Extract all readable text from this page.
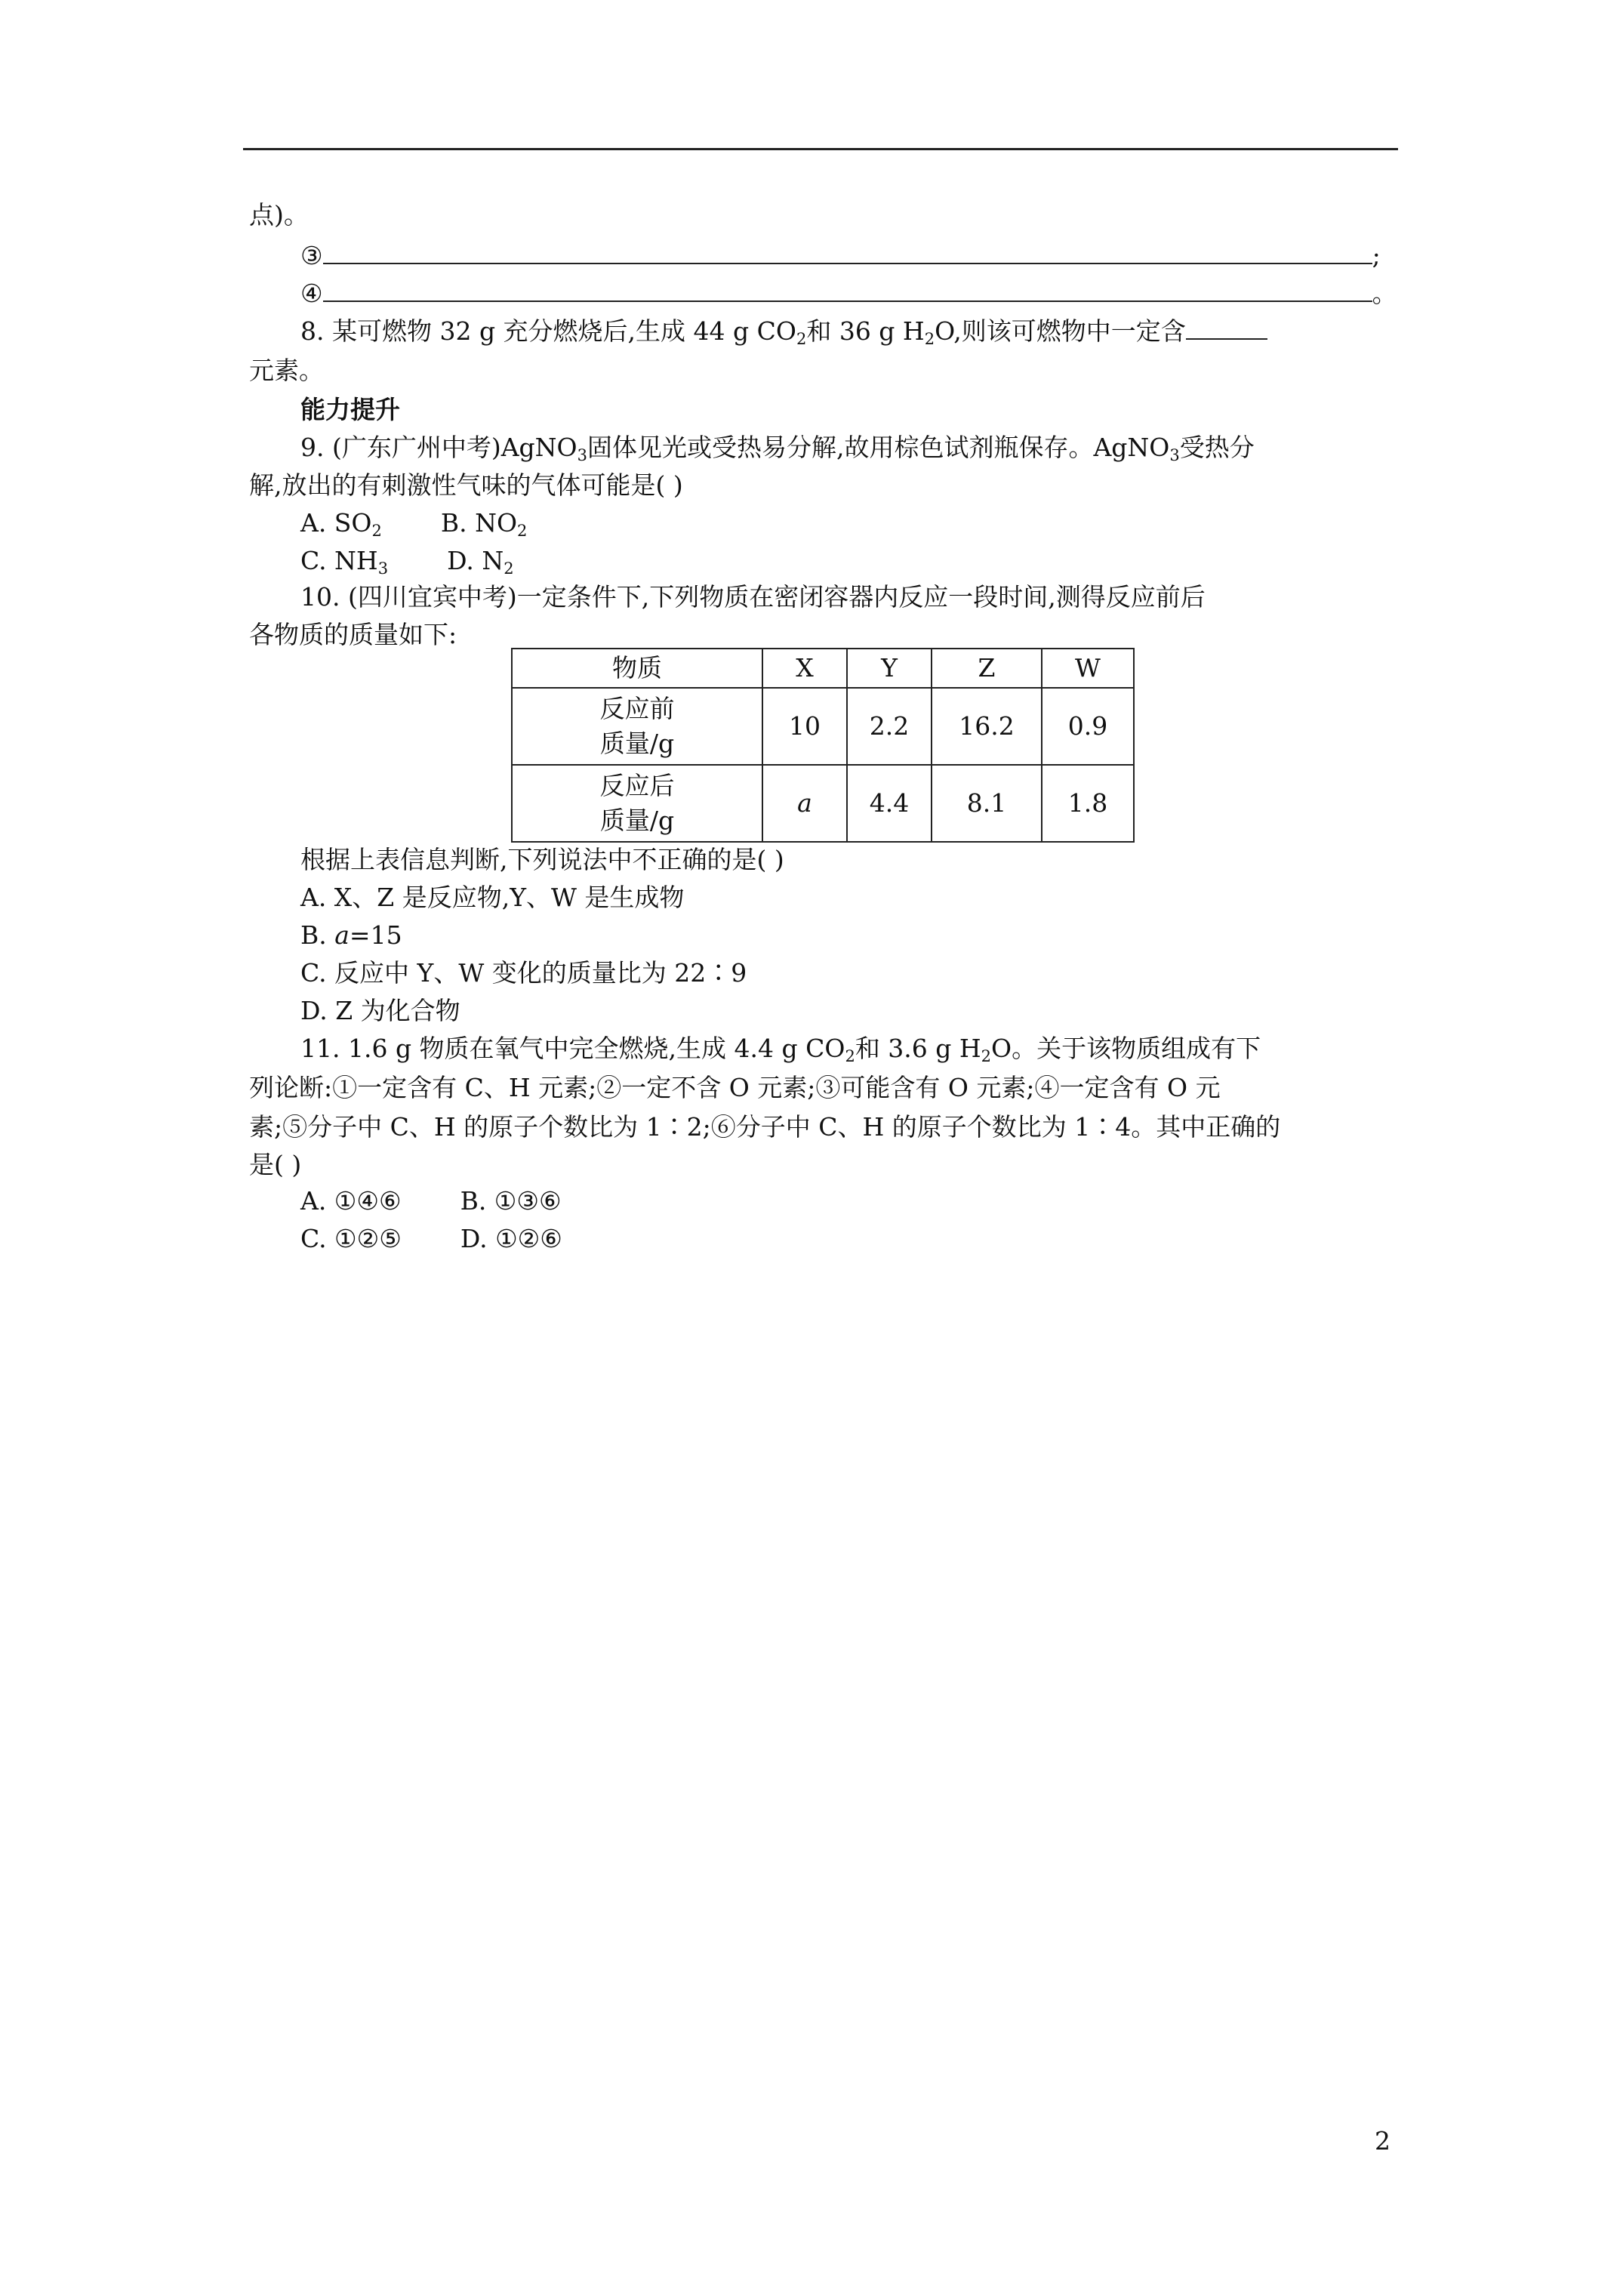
点)。
③	;
④	。
8. 某可燃物 32 g 充分燃烧后,生成 44 g $CO_2$和 36 g $H_2O$,则该可燃物中一定含
元素。
能力提升
9. (广东广州中考)AgNO$_3$固体见光或受热易分解,故用棕色试剂瓶保存。AgNO$_3$受热分
解,放出的有刺激性气味的气体可能是( )
A. $SO_2$ B. $NO_2$
C. $NH_3$ D. $N_2$
10. (四川宜宾中考)一定条件下,下列物质在密闭容器内反应一段时间,测得反应前后
各物质的质量如下:
物质	X	Y	Z	W

反应前
质量/g	10	2.2	16.2	0.9

反应后
质量/g	a	4.4	8.1	1.8
根据上表信息判断,下列说法中不正确的是( )
A. X、Z 是反应物,Y、W 是生成物
B. a=15
C. 反应中 Y、W 变化的质量比为 22∶9
D. Z 为化合物
11. 1.6 g 物质在氧气中完全燃烧,生成 4.4 g $CO_2$和 3.6 g $H_2O$。关于该物质组成有下
列论断:①一定含有 C、H 元素;②一定不含 O 元素;③可能含有 O 元素;④一定含有 O 元
素;⑤分子中 C、H 的原子个数比为 1∶2;⑥分子中 C、H 的原子个数比为 1∶4。其中正确的
是( )
A. ①④⑥ B. ①③⑥
C. ①②⑤ D. ①②⑥
2
